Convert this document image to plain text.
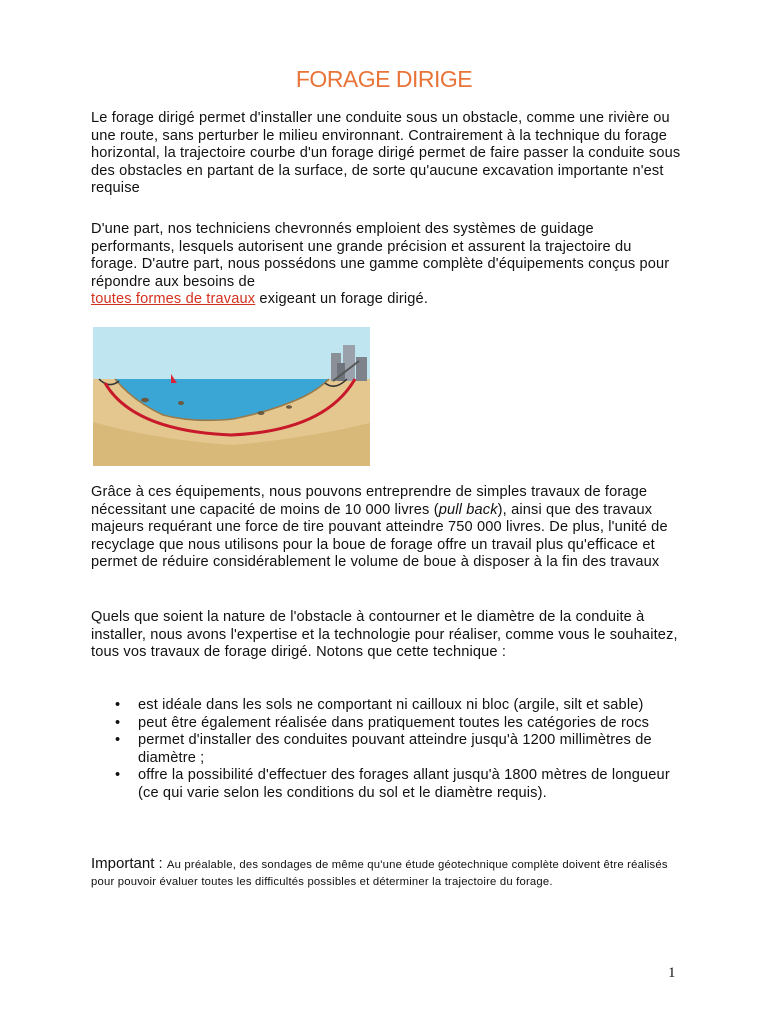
FORAGE DIRIGE

Le forage dirigé permet d'installer une conduite sous un obstacle, comme une rivière ou une route, sans perturber le milieu environnant. Contrairement à la technique du forage horizontal, la trajectoire courbe d'un forage dirigé permet de faire passer la conduite sous des obstacles en partant de la surface, de sorte qu'aucune excavation importante n'est requise

D'une part, nos techniciens chevronnés emploient des systèmes de guidage performants, lesquels autorisent une grande précision et assurent la trajectoire du forage. D'autre part, nous possédons une gamme complète d'équipements conçus pour répondre aux besoins de
toutes formes de travaux exigeant un forage dirigé.

Grâce à ces équipements, nous pouvons entreprendre de simples travaux de forage nécessitant une capacité de moins de 10 000 livres (pull back), ainsi que des travaux majeurs requérant une force de tire pouvant atteindre 750 000 livres. De plus, l'unité de recyclage que nous utilisons pour la boue de forage offre un travail plus qu'efficace et permet de réduire considérablement le volume de boue à disposer à la fin des travaux

Quels que soient la nature de l'obstacle à contourner et le diamètre de la conduite à installer, nous avons l'expertise et la technologie pour réaliser, comme vous le souhaitez, tous vos travaux de forage dirigé. Notons que cette technique :

• est idéale dans les sols ne comportant ni cailloux ni bloc (argile, silt et sable)
• peut être également réalisée dans pratiquement toutes les catégories de rocs
• permet d'installer des conduites pouvant atteindre jusqu'à 1200 millimètres de diamètre ;
• offre la possibilité d'effectuer des forages allant jusqu'à 1800 mètres de longueur (ce qui varie selon les conditions du sol et le diamètre requis).
Important : Au préalable, des sondages de même qu'une étude géotechnique complète doivent être réalisés pour pouvoir évaluer toutes les difficultés possibles et déterminer la trajectoire du forage.
1
